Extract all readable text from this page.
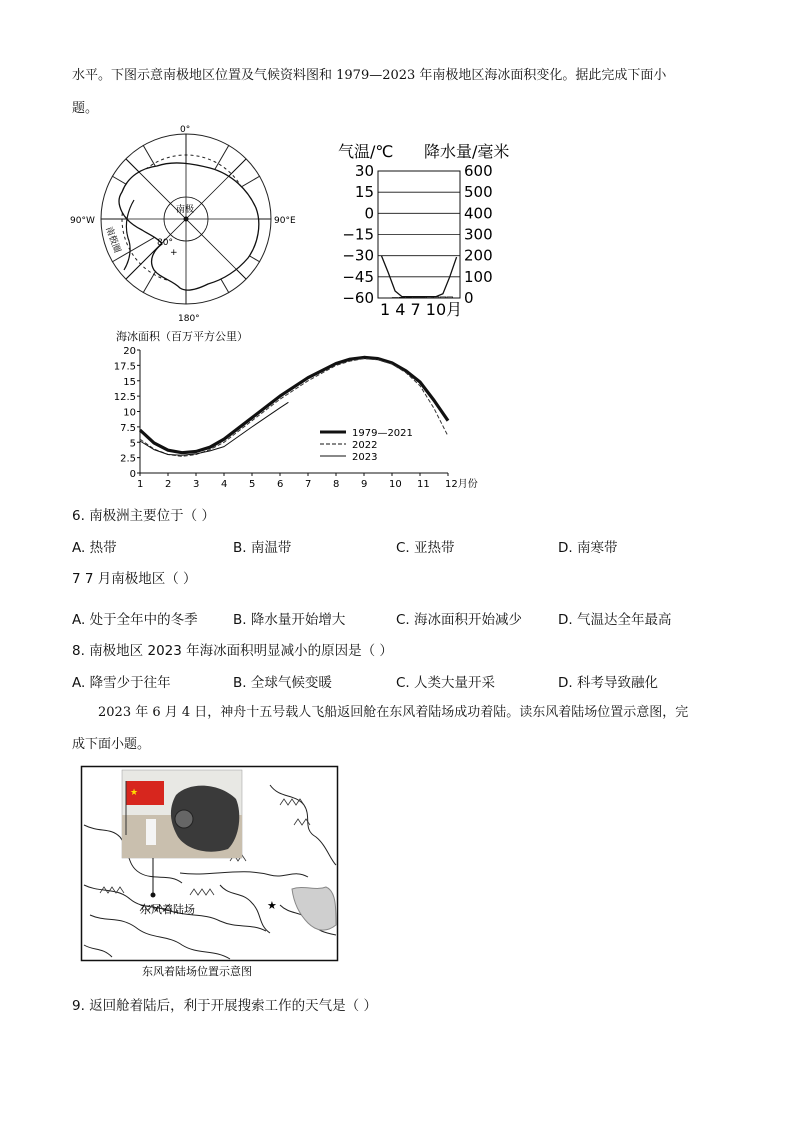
水平。下图示意南极地区位置及气候资料图和 1979—2023 年南极地区海冰面积变化。据此完成下面小
题。
0°
90°W	90°E
180°
80°
南极
南极圈	+
气温/℃ 降水量/毫米
30
15
0
−15
−30
−45
−60
600
500
400
300
200
100
0
1 4 7 10月
海冰面积（百万平方公里）
20
17.5
15
12.5
10
7.5
5
2.5
0
1 2 3 4 5 6 7 8 9 10 11 12月份
1979—2021
2022
2023
6. 南极洲主要位于（ ）
A. 热带	B. 南温带	C. 亚热带	D. 南寒带
7 7 月南极地区（ ）
A. 处于全年中的冬季	B. 降水量开始增大	C. 海冰面积开始减少	D. 气温达全年最高
8. 南极地区 2023 年海冰面积明显减小的原因是（ ）
A. 降雪少于往年	B. 全球气候变暖	C. 人类大量开采	D. 科考导致融化
2023 年 6 月 4 日，神舟十五号载人飞船返回舱在东风着陆场成功着陆。读东风着陆场位置示意图，完
成下面小题。
★
★
东风着陆场
东风着陆场位置示意图
9. 返回舱着陆后，利于开展搜索工作的天气是（ ）
